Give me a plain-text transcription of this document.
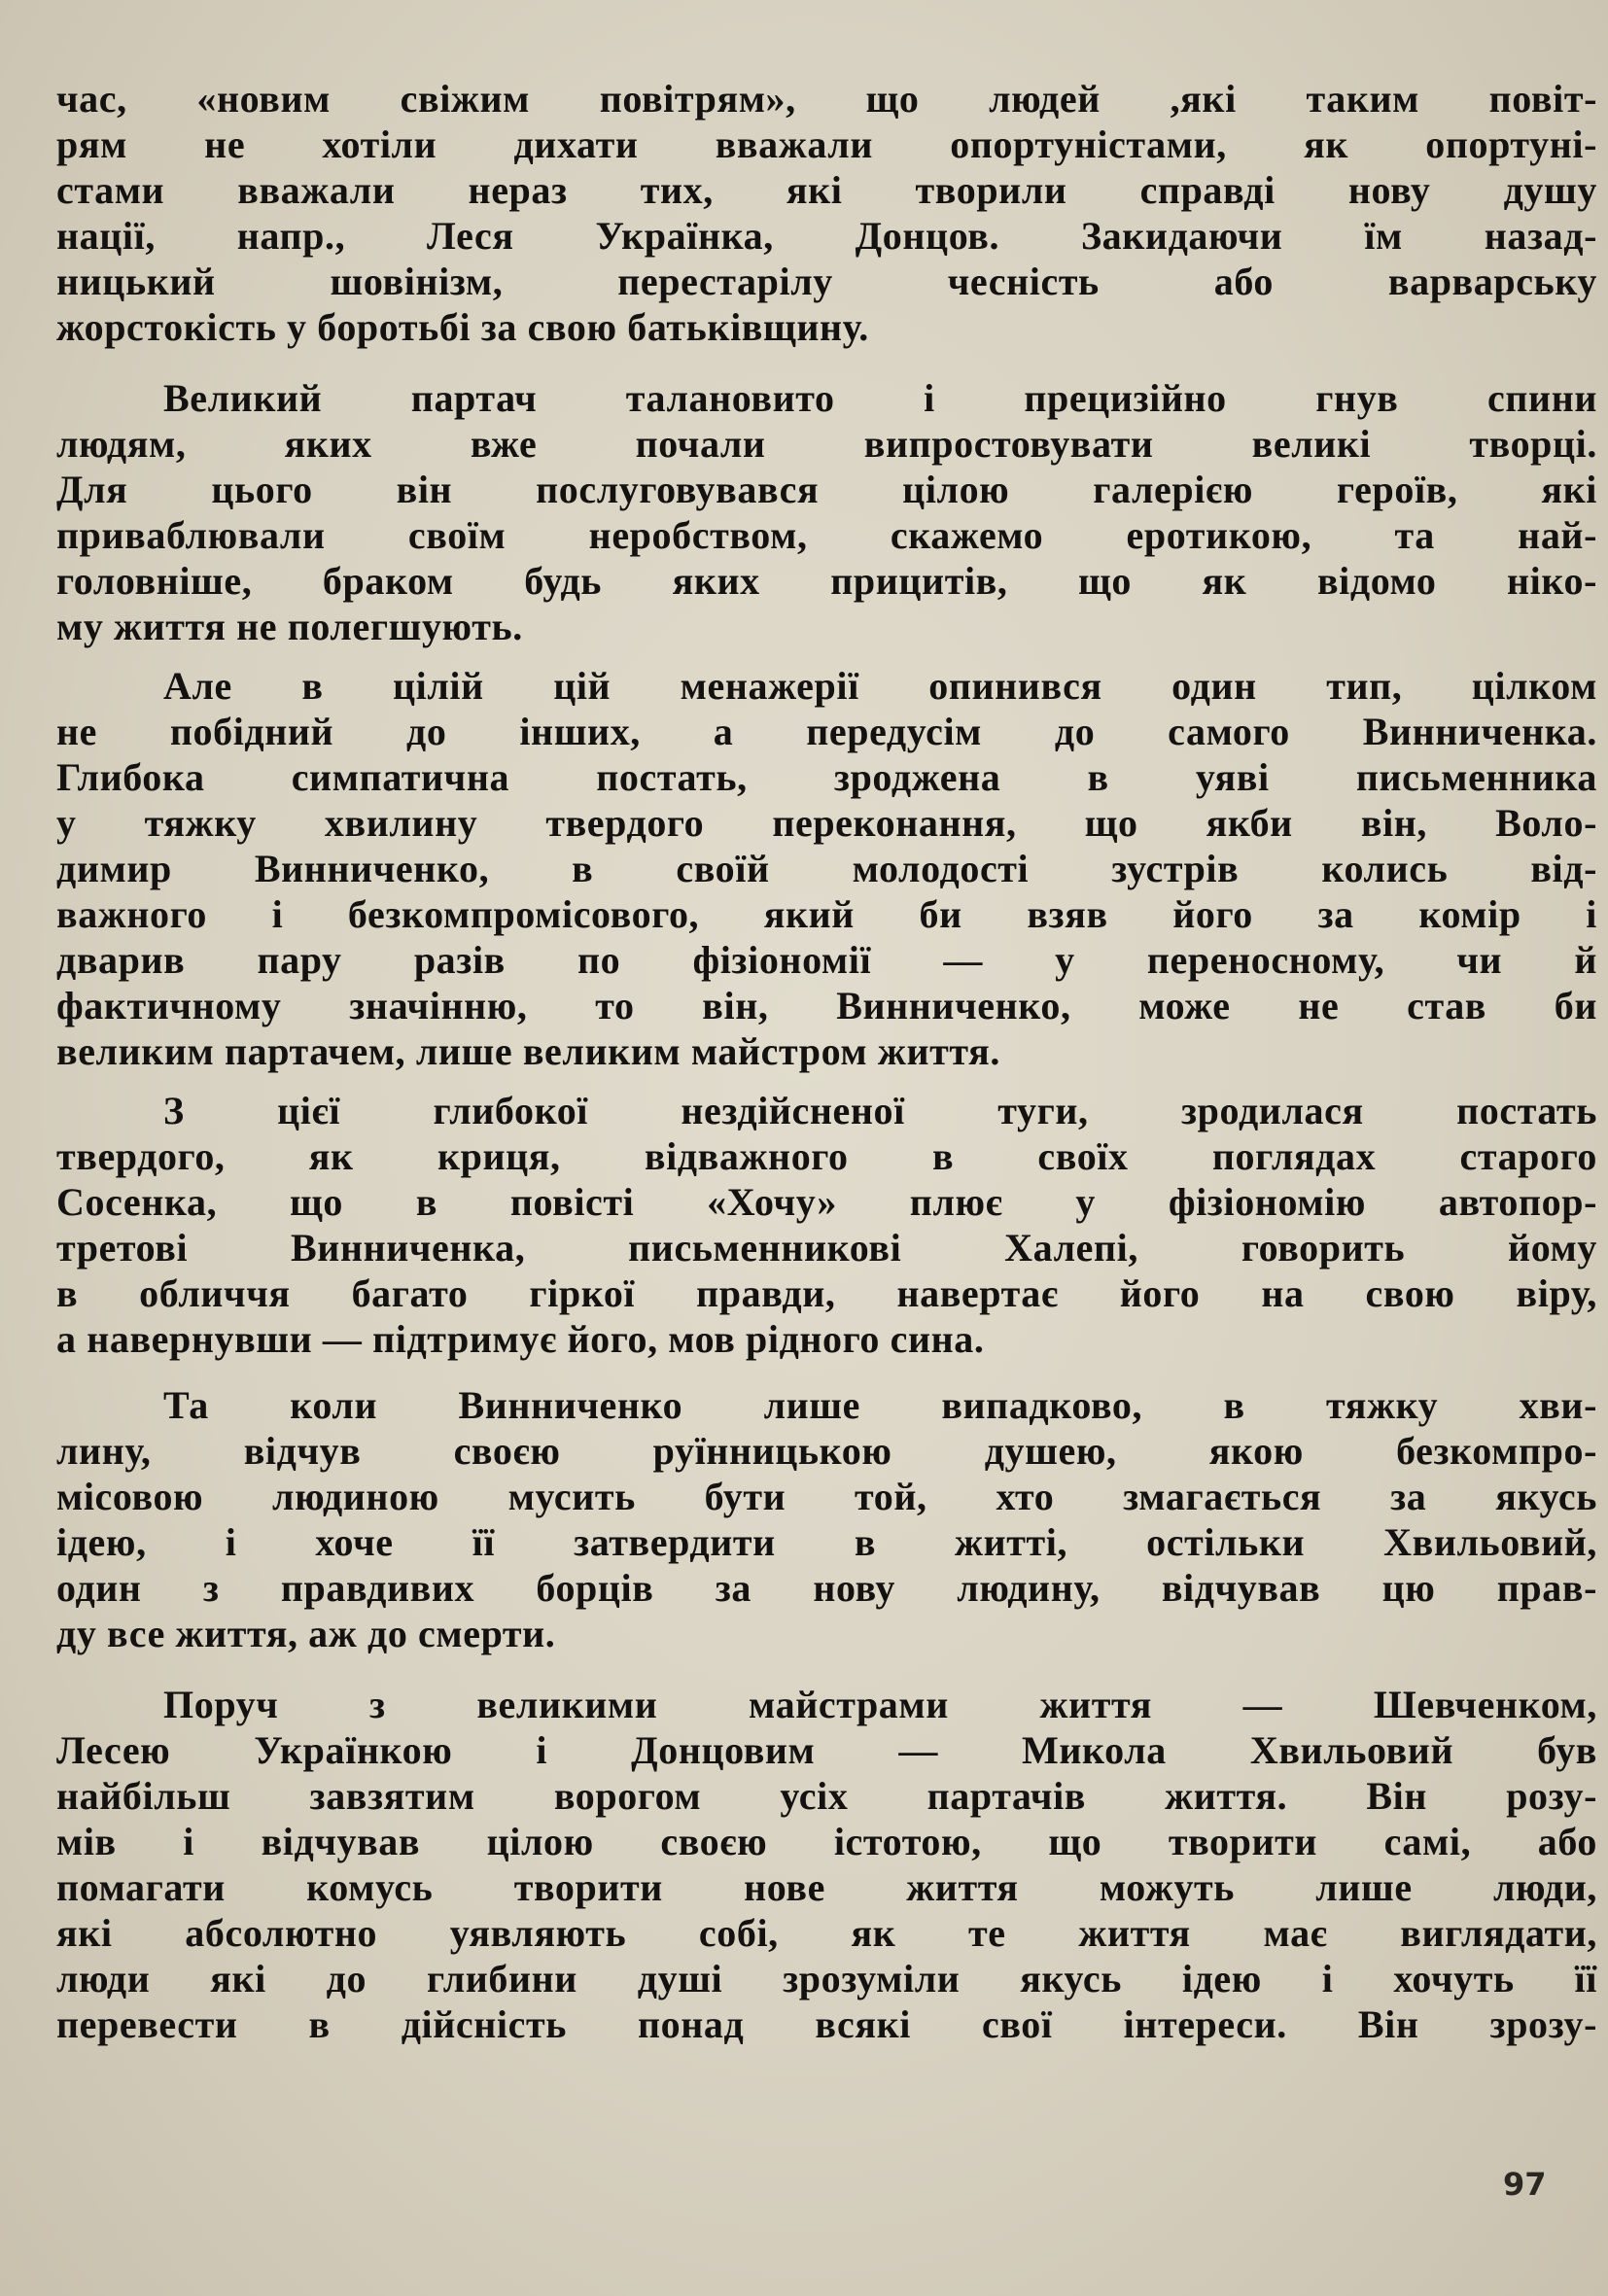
час, «новим свіжим повітрям», що людей ,які таким повіт-
рям не хотіли дихати вважали опортуністами, як опортуні-
стами вважали нераз тих, які творили справді нову душу
нації, напр., Леся Українка, Донцов. Закидаючи їм назад-
ницький шовінізм, перестарілу чесність або варварську
жорстокість у боротьбі за свою батьківщину.
Великий партач талановито і прецизійно гнув спини
людям, яких вже почали випростовувати великі творці.
Для цього він послуговувався цілою галерією героїв, які
приваблювали своїм неробством, скажемо еротикою, та най-
головніше, браком будь яких прицитів, що як відомо ніко-
му життя не полегшують.
Але в цілій цій менажерії опинився один тип, цілком
не побідний до інших, а передусім до самого Винниченка.
Глибока симпатична постать, зроджена в уяві письменника
у тяжку хвилину твердого переконання, що якби він, Воло-
димир Винниченко, в своїй молодості зустрів колись від-
важного і безкомпромісового, який би взяв його за комір і
дварив пару разів по фізіономії — у переносному, чи й
фактичному значінню, то він, Винниченко, може не став би
великим партачем, лише великим майстром життя.
З цієї глибокої нездійсненої туги, зродилася постать
твердого, як криця, відважного в своїх поглядах старого
Сосенка, що в повісті «Хочу» плює у фізіономію автопор-
третові Винниченка, письменникові Халепі, говорить йому
в обличчя багато гіркої правди, навертає його на свою віру,
а навернувши — підтримує його, мов рідного сина.
Та коли Винниченко лише випадково, в тяжку хви-
лину, відчув своєю руїнницькою душею, якою безкомпро-
місовою людиною мусить бути той, хто змагається за якусь
ідею, і хоче її затвердити в житті, остільки Хвильовий,
один з правдивих борців за нову людину, відчував цю прав-
ду все життя, аж до смерти.
Поруч з великими майстрами життя — Шевченком,
Лесею Українкою і Донцовим — Микола Хвильовий був
найбільш завзятим ворогом усіх партачів життя. Він розу-
мів і відчував цілою своєю істотою, що творити самі, або
помагати комусь творити нове життя можуть лише люди,
які абсолютно уявляють собі, як те життя має виглядати,
люди які до глибини душі зрозуміли якусь ідею і хочуть її
перевести в дійсність понад всякі свої інтереси. Він зрозу-
97
